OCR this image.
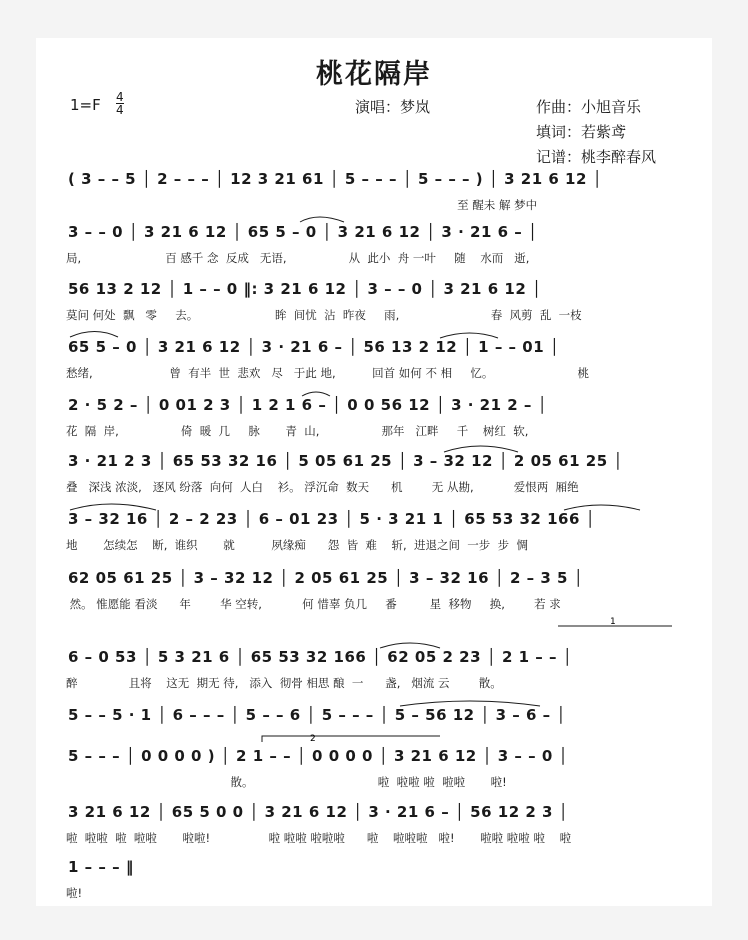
桃花隔岸
$1=F \frac{4}{4}$	演唱：梦岚	作曲：小旭音乐
填词：若紫鸢
记谱：桃李醉春风
( 3 – – 5 │ 2 – – – │ 12 3 21 61 │ 5 – – – │ 5 – – – ) │ 3 21 6 12 │
至 醒未 解 梦中
3 – – 0 │ 3 21 6 12 │ 65 5 – 0 │ 3 21 6 12 │ 3 · 21 6 – │
局,                       百 感千 念  反成   无语,                 从  此小  舟 一叶     随    水而   逝,
56 13 2 12 │ 1 – – 0 ‖: 3 21 6 12 │ 3 – – 0 │ 3 21 6 12 │
莫问 何处  飘   零     去。                     眸  间忧  沾  昨夜     雨,                         春  风剪  乱  一枝
65 5 – 0 │ 3 21 6 12 │ 3 · 21 6 – │ 56 13 2 12 │ 1 – – 01 │
愁绪,                     曾  有半  世  悲欢   尽   于此 地,          回首 如何 不 相     忆。                       桃
2 · 5 2 – │ 0 01 2 3 │ 1 2 1 6 – │ 0 0 56 12 │ 3 · 21 2 – │
花  隔  岸,                 倚  暖  几     脉       青  山,                 那年   江畔     千    树红  软,
3 · 21 2 3 │ 65 53 32 16 │ 5 05 61 25 │ 3 – 32 12 │ 2 05 61 25 │
叠   深浅 浓淡,   逐风 纷落  向何  人白    衫。 浮沉命  数天      机        无 从勘,           爱恨两  厢绝
3 – 32 16 │ 2 – 2 23 │ 6 – 01 23 │ 5 · 3 21 1 │ 65 53 32 166 │
地       怎续怎    断,  谁织       就          夙缘痴      怨  皆  难    斩,  进退之间  一步  步  惆
62 05 61 25 │ 3 – 32 12 │ 2 05 61 25 │ 3 – 32 16 │ 2 – 3 5 │
然。 惟愿能 看淡      年        华 空转,           何 惜辜 负几     番         星  移物     换,        若 求
6 – 0 53 │ 5 3 21 6 │ 65 53 32 166 │ 62 05 2 23 │ 2 1 – – │
醉              且将    这无  期无 待,   添入  彻骨 相思 酿  一      盏,   烟流 云        散。
5 – – 5 · 1 │ 6 – – – │ 5 – – 6 │ 5 – – – │ 5 – 56 12 │ 3 – 6 – │
5 – – – │ 0 0 0 0 ) │ 2 1 – – │ 0 0 0 0 │ 3 21 6 12 │ 3 – – 0 │
散。                                  啦  啦啦 啦  啦啦       啦!
3 21 6 12 │ 65 5 0 0 │ 3 21 6 12 │ 3 · 21 6 – │ 56 12 2 3 │
啦  啦啦  啦  啦啦       啦啦!                啦 啦啦 啦啦啦      啦    啦啦啦   啦!       啦啦 啦啦 啦    啦
1 – – – ‖
啦!
1
2
